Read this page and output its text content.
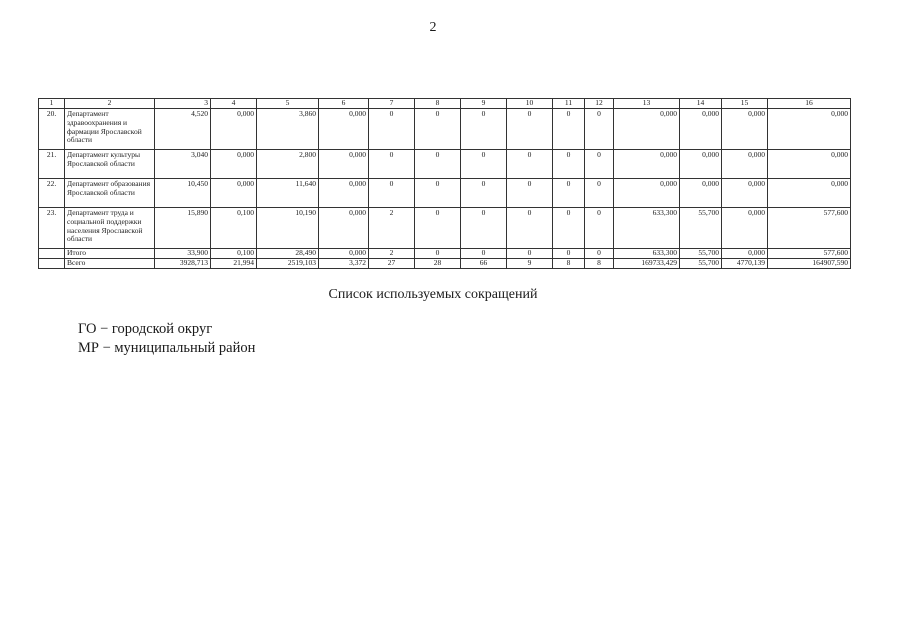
2
1	2	3	4	5	6	7	8	9	10	11	12	13	14	15	16
20.	Департамент здравоохранения и фармации Ярославской области	4,520	0,000	3,860	0,000	0	0	0	0	0	0	0,000	0,000	0,000	0,000
21.	Департамент культуры Ярославской области	3,040	0,000	2,800	0,000	0	0	0	0	0	0	0,000	0,000	0,000	0,000
22.	Департамент образования Ярославской области	10,450	0,000	11,640	0,000	0	0	0	0	0	0	0,000	0,000	0,000	0,000
23.	Департамент труда и социальной поддержки населения Ярославской области	15,890	0,100	10,190	0,000	2	0	0	0	0	0	633,300	55,700	0,000	577,600
	Итого	33,900	0,100	28,490	0,000	2	0	0	0	0	0	633,300	55,700	0,000	577,600
	Всего	3928,713	21,994	2519,103	3,372	27	28	66	9	8	8	169733,429	55,700	4770,139	164907,590
Список используемых сокращений
ГО − городской округ
МР − муниципальный район
